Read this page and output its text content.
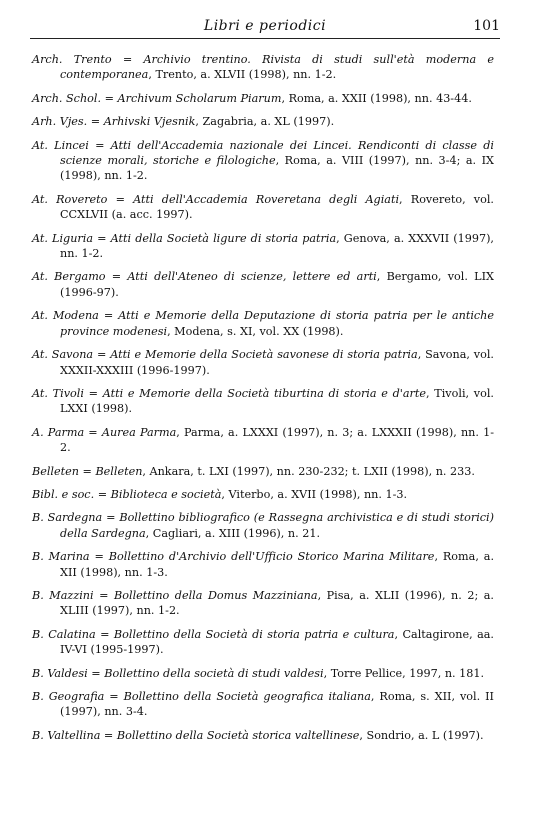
Libri e periodici	101

Arch. Trento = Archivio trentino. Rivista di studi sull'età moderna e contemporanea, Trento, a. XLVII (1998), nn. 1-2.

Arch. Schol. = Archivum Scholarum Piarum, Roma, a. XXII (1998), nn. 43-44.

Arh. Vjes. = Arhivski Vjesnik, Zagabria, a. XL (1997).

At. Lincei = Atti dell'Accademia nazionale dei Lincei. Rendiconti di classe di scienze morali, storiche e filologiche, Roma, a. VIII (1997), nn. 3-4; a. IX (1998), nn. 1-2.

At. Rovereto = Atti dell'Accademia Roveretana degli Agiati, Rovereto, vol. CCXLVII (a. acc. 1997).

At. Liguria = Atti della Società ligure di storia patria, Genova, a. XXXVII (1997), nn. 1-2.

At. Bergamo = Atti dell'Ateneo di scienze, lettere ed arti, Bergamo, vol. LIX (1996-97).

At. Modena = Atti e Memorie della Deputazione di storia patria per le antiche province modenesi, Modena, s. XI, vol. XX (1998).

At. Savona = Atti e Memorie della Società savonese di storia patria, Savona, vol. XXXII-XXXIII (1996-1997).

At. Tivoli = Atti e Memorie della Società tiburtina di storia e d'arte, Tivoli, vol. LXXI (1998).

A. Parma = Aurea Parma, Parma, a. LXXXI (1997), n. 3; a. LXXXII (1998), nn. 1-2.

Belleten = Belleten, Ankara, t. LXI (1997), nn. 230-232; t. LXII (1998), n. 233.

Bibl. e soc. = Biblioteca e società, Viterbo, a. XVII (1998), nn. 1-3.

B. Sardegna = Bollettino bibliografico (e Rassegna archivistica e di studi storici) della Sardegna, Cagliari, a. XIII (1996), n. 21.

B. Marina = Bollettino d'Archivio dell'Ufficio Storico Marina Militare, Roma, a. XII (1998), nn. 1-3.

B. Mazzini = Bollettino della Domus Mazziniana, Pisa, a. XLII (1996), n. 2; a. XLIII (1997), nn. 1-2.

B. Calatina = Bollettino della Società di storia patria e cultura, Caltagirone, aa. IV-VI (1995-1997).

B. Valdesi = Bollettino della società di studi valdesi, Torre Pellice, 1997, n. 181.

B. Geografia = Bollettino della Società geografica italiana, Roma, s. XII, vol. II (1997), nn. 3-4.

B. Valtellina = Bollettino della Società storica valtellinese, Sondrio, a. L (1997).
